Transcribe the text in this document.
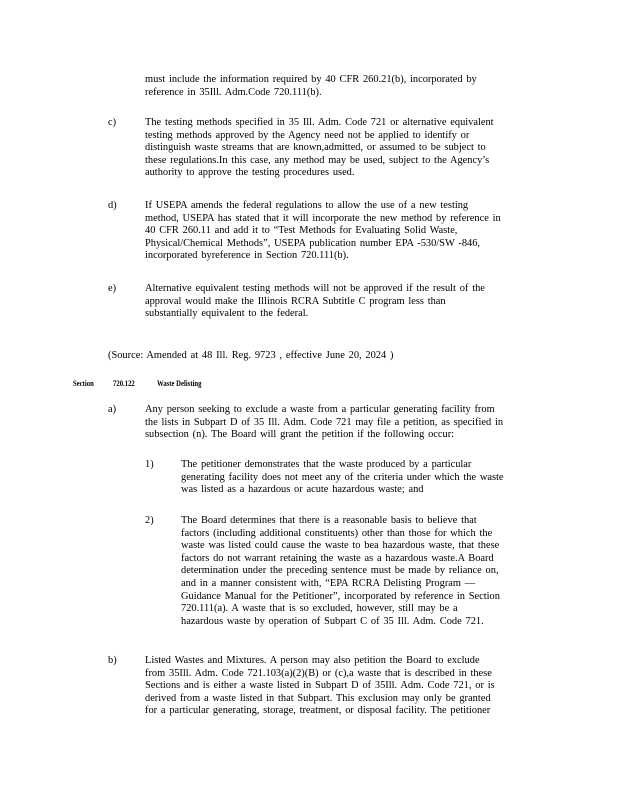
must include the information required by 40 CFR 260.21(b), incorporated by
reference in 35Ill. Adm.Code 720.111(b).
c)	The testing methods specified in 35 Ill. Adm. Code 721 or alternative equivalent
testing methods approved by the Agency need not be applied to identify or
distinguish waste streams that are known,admitted, or assumed to be subject to
these regulations.In this case, any method may be used, subject to the Agency’s
authority to approve the testing procedures used.
d)	If USEPA amends the federal regulations to allow the use of a new testing
method, USEPA has stated that it will incorporate the new method by reference in
40 CFR 260.11 and add it to “Test Methods for Evaluating Solid Waste,
Physical/Chemical Methods”, USEPA publication number EPA -530/SW -846,
incorporated byreference in Section 720.111(b).
e)	Alternative equivalent testing methods will not be approved if the result of the
approval would make the Illinois RCRA Subtitle C program less than
substantially equivalent to the federal.
(Source: Amended at 48 Ill. Reg. 9723 , effective June 20, 2024 )
Section 720.122	Waste Delisting
a)	Any person seeking to exclude a waste from a particular generating facility from
the lists in Subpart D of 35 Ill. Adm. Code 721 may file a petition, as specified in
subsection (n). The Board will grant the petition if the following occur:
1)	The petitioner demonstrates that the waste produced by a particular
generating facility does not meet any of the criteria under which the waste
was listed as a hazardous or acute hazardous waste; and
2)	The Board determines that there is a reasonable basis to believe that
factors (including additional constituents) other than those for which the
waste was listed could cause the waste to bea hazardous waste, that these
factors do not warrant retaining the waste as a hazardous waste.A Board
determination under the preceding sentence must be made by reliance on,
and in a manner consistent with, “EPA RCRA Delisting Program —
Guidance Manual for the Petitioner”, incorporated by reference in Section
720.111(a). A waste that is so excluded, however, still may be a
hazardous waste by operation of Subpart C of 35 Ill. Adm. Code 721.
b)	Listed Wastes and Mixtures. A person may also petition the Board to exclude
from 35Ill. Adm. Code 721.103(a)(2)(B) or (c),a waste that is described in these
Sections and is either a waste listed in Subpart D of 35Ill. Adm. Code 721, or is
derived from a waste listed in that Subpart. This exclusion may only be granted
for a particular generating, storage, treatment, or disposal facility. The petitioner
